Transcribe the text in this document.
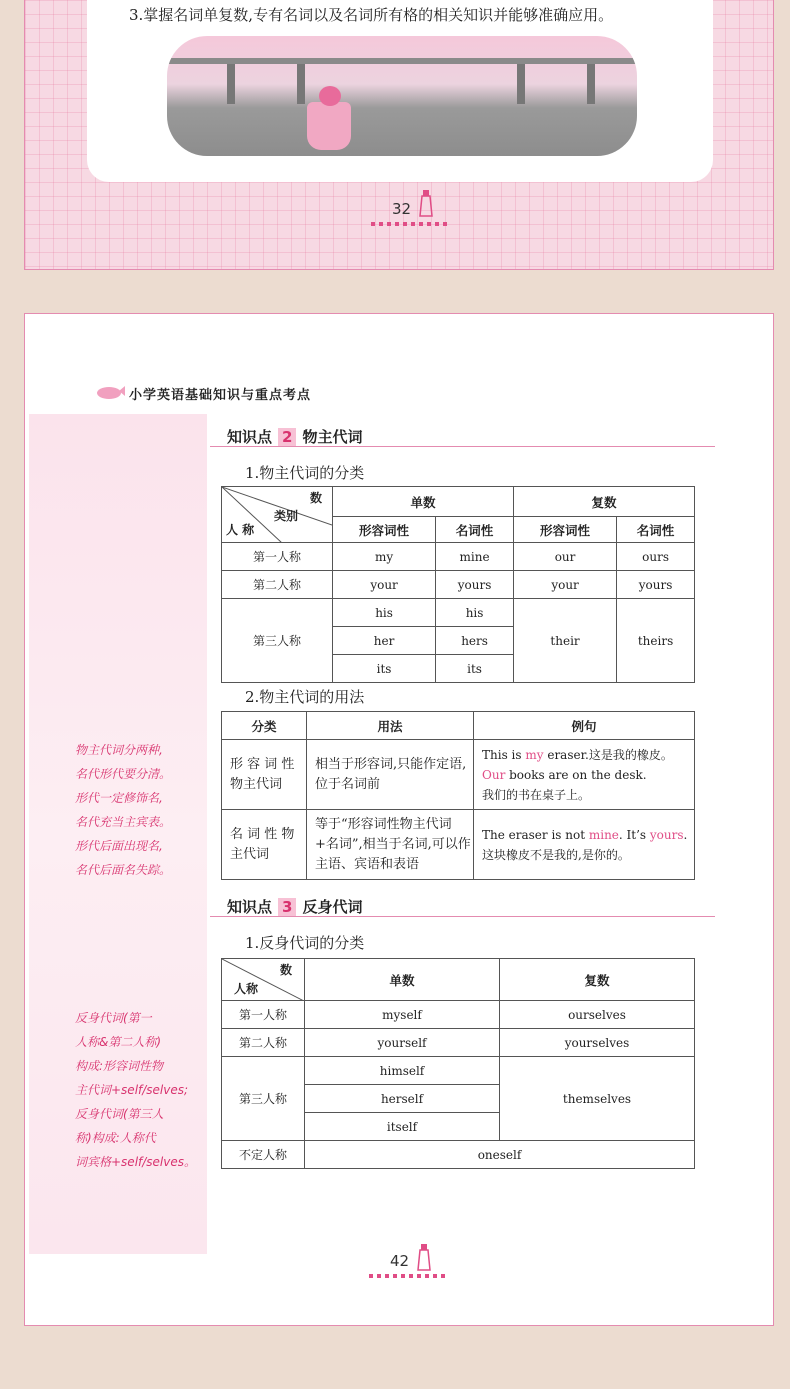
3.掌握名词单复数,专有名词以及名词所有格的相关知识并能够准确应用。
32
小学英语基础知识与重点考点
物主代词分两种,
名代形代要分清。
形代一定修饰名,
名代充当主宾表。
形代后面出现名,
名代后面名失踪。
反身代词(第一
人称&第二人称)
构成:形容词性物
主代词+self/selves;
反身代词(第三人
称)构成:人称代
词宾格+self/selves。
知识点 2 物主代词
1.物主代词的分类
数
类别
人 称	单数		复数	
	形容词性	名词性	形容词性	名词性
第一人称	my	mine	our	ours
第二人称	your	yours	your	yours
第三人称	his	his	their	theirs
	her	hers		
	its	its		
2.物主代词的用法
分类	用法	例句
形 容 词 性 物主代词	相当于形容词,只能作定语,位于名词前	This is my eraser.这是我的橡皮。
Our books are on the desk.
我们的书在桌子上。

名 词 性 物 主代词	等于“形容词性物主代词+名词”,相当于名词,可以作主语、宾语和表语	The eraser is not mine. It’s yours.
这块橡皮不是我的,是你的。
知识点 3 反身代词
1.反身代词的分类
数
人称	单数	复数
第一人称	myself	ourselves
第二人称	yourself	yourselves
第三人称	himself	themselves
	herself	
	itself	
不定人称	oneself	
42
